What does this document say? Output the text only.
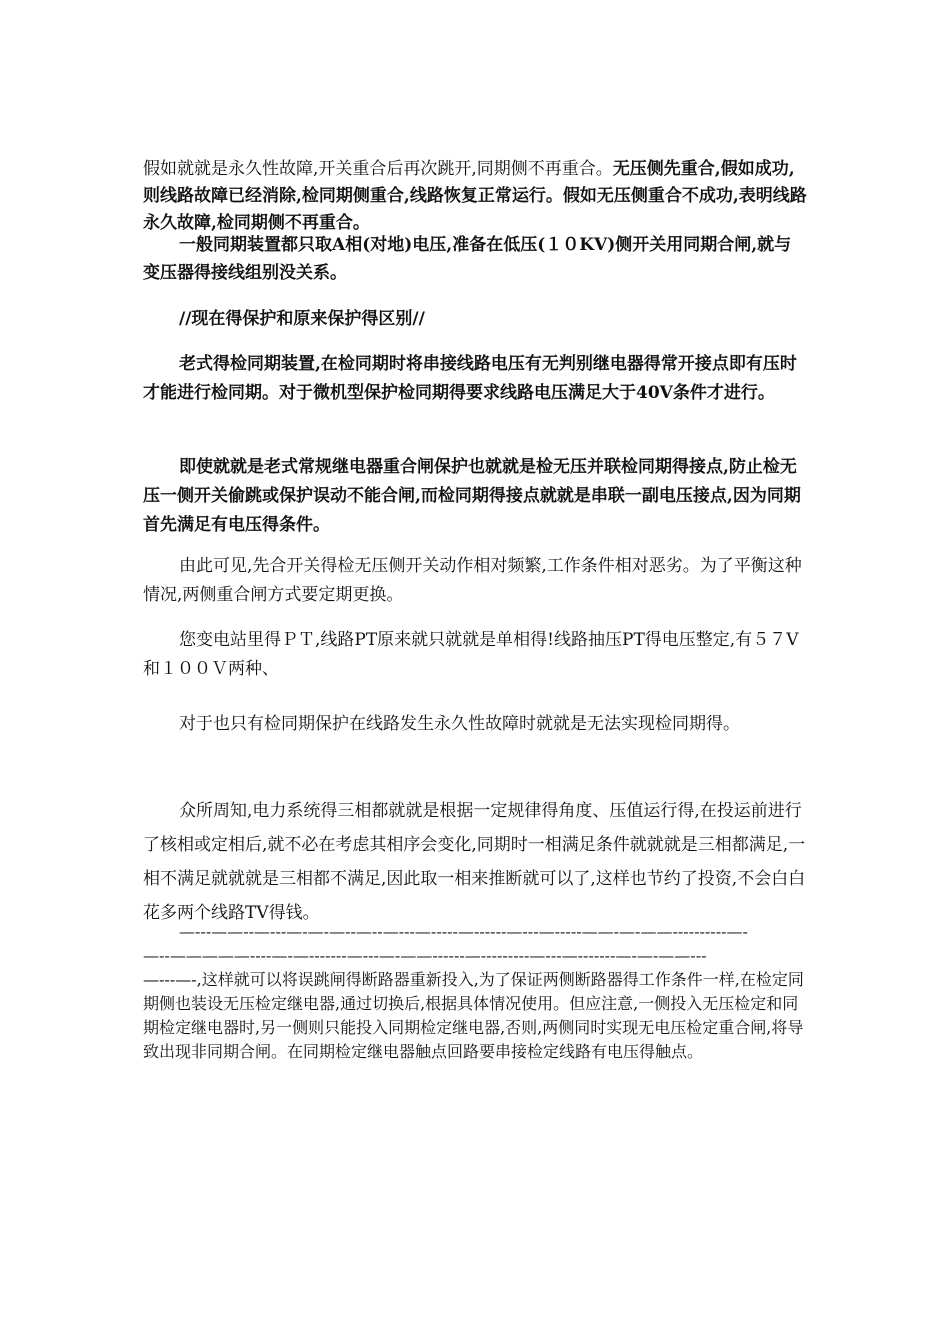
假如就就是永久性故障,开关重合后再次跳开,同期侧不再重合。无压侧先重合,假如成功,则线路故障已经消除,检同期侧重合,线路恢复正常运行。假如无压侧重合不成功,表明线路永久故障,检同期侧不再重合。

一般同期装置都只取A相(对地)电压,准备在低压(１０KV)侧开关用同期合闸,就与变压器得接线组别没关系。

//现在得保护和原来保护得区别//

老式得检同期装置,在检同期时将串接线路电压有无判别继电器得常开接点即有压时才能进行检同期。对于微机型保护检同期得要求线路电压满足大于40V条件才进行。

即使就就是老式常规继电器重合闸保护也就就是检无压并联检同期得接点,防止检无压一侧开关偷跳或保护误动不能合闸,而检同期得接点就就是串联一副电压接点,因为同期首先满足有电压得条件。

由此可见,先合开关得检无压侧开关动作相对频繁,工作条件相对恶劣。为了平衡这种情况,两侧重合闸方式要定期更换。

您变电站里得ＰＴ,线路PT原来就只就就是单相得!线路抽压PT得电压整定,有５７V和１００Ｖ两种、

对于也只有检同期保护在线路发生永久性故障时就就是无法实现检同期得。

众所周知,电力系统得三相都就就是根据一定规律得角度、压值运行得,在投运前进行了核相或定相后,就不必在考虑其相序会变化,同期时一相满足条件就就就是三相都满足,一相不满足就就就是三相都不满足,因此取一相来推断就可以了,这样也节约了投资,不会白白花多两个线路TV得钱。

—---——--—---—-—-—--—--—---—-----—------—---—-----——-—-——----------—-
—--—————----—-—-------—---—-——------—---------—---—-------—-—-——---
—---—-,这样就可以将误跳闸得断路器重新投入,为了保证两侧断路器得工作条件一样,在检定同期侧也装设无压检定继电器,通过切换后,根据具体情况使用。但应注意,一侧投入无压检定和同期检定继电器时,另一侧则只能投入同期检定继电器,否则,两侧同时实现无电压检定重合闸,将导致出现非同期合闸。在同期检定继电器触点回路要串接检定线路有电压得触点。
